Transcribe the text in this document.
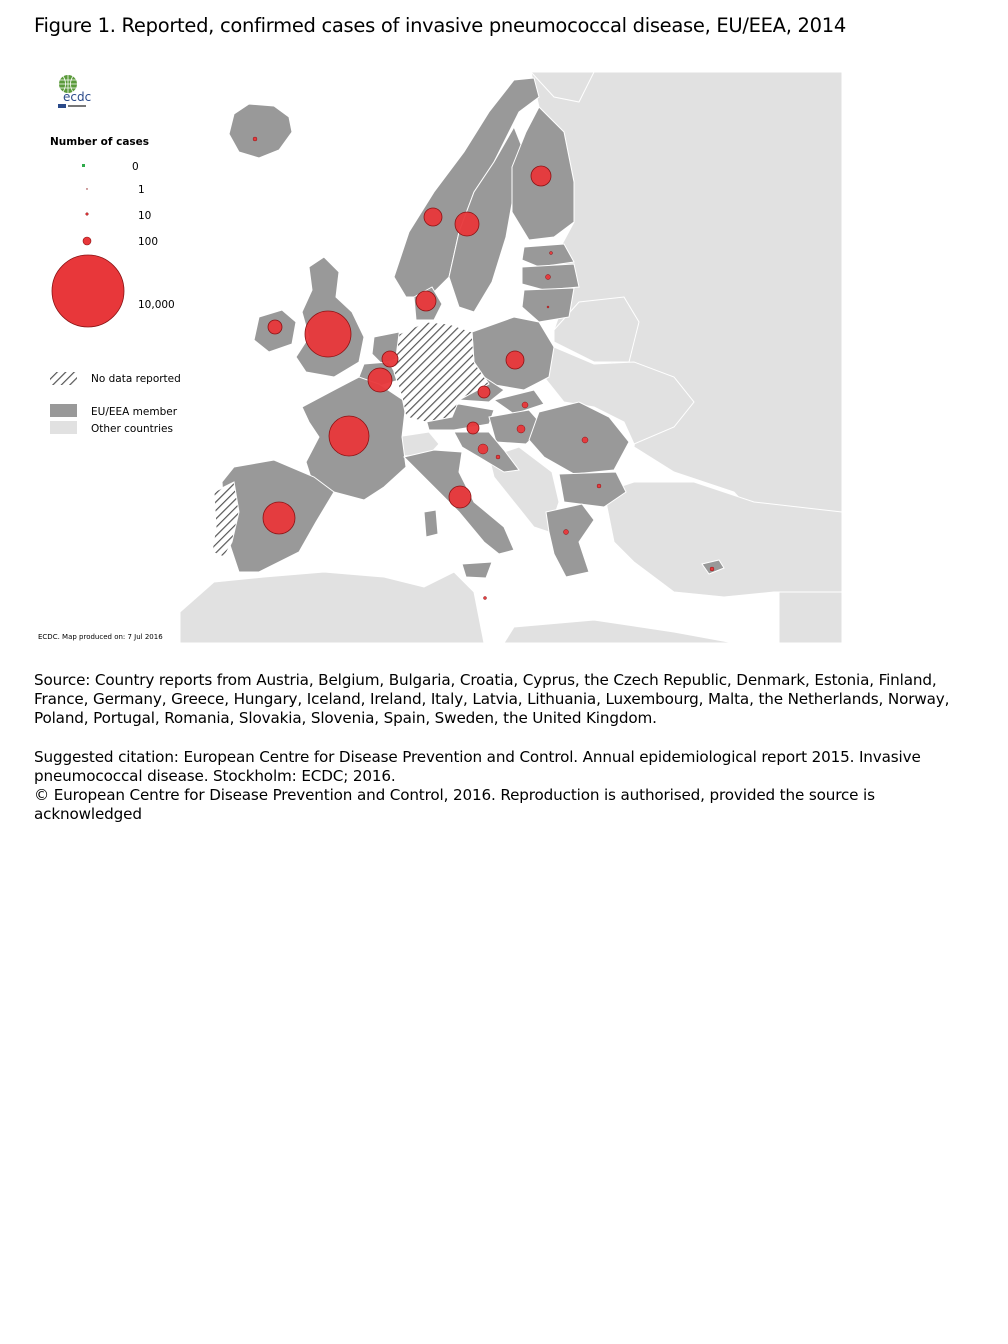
Figure 1. Reported, confirmed cases of invasive pneumococcal disease, EU/EEA, 2014
ecdc
Number of cases
0
1
10
100
10,000
No data reported
EU/EEA member
Other countries
ECDC. Map produced on: 7 Jul 2016

Source: Country reports from Austria, Belgium, Bulgaria, Croatia, Cyprus, the Czech Republic, Denmark, Estonia, Finland, France, Germany, Greece, Hungary, Iceland, Ireland, Italy, Latvia, Lithuania, Luxembourg, Malta, the Netherlands, Norway, Poland, Portugal, Romania, Slovakia, Slovenia, Spain, Sweden, the United Kingdom.

Suggested citation: European Centre for Disease Prevention and Control. Annual epidemiological report 2015. Invasive pneumococcal disease. Stockholm: ECDC; 2016.

© European Centre for Disease Prevention and Control, 2016. Reproduction is authorised, provided the source is acknowledged
